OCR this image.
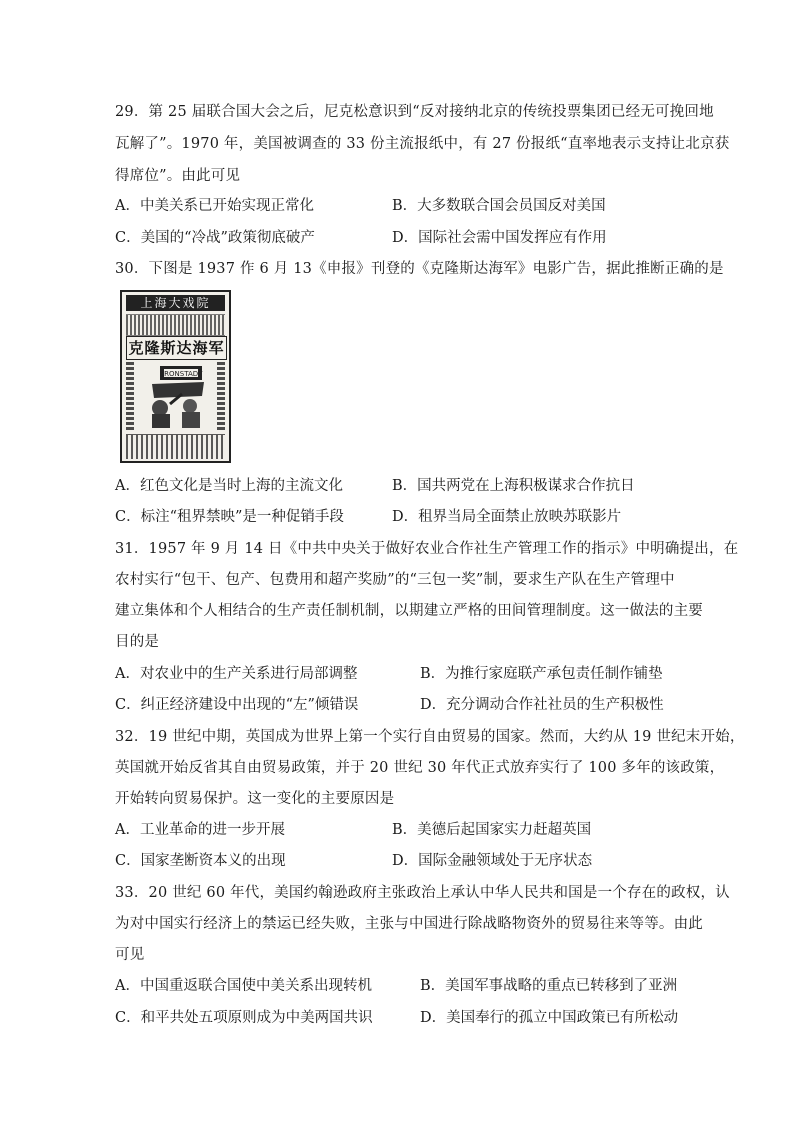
29．第 25 届联合国大会之后，尼克松意识到“反对接纳北京的传统投票集团已经无可挽回地
瓦解了”。1970 年，美国被调查的 33 份主流报纸中，有 27 份报纸“直率地表示支持让北京获
得席位”。由此可见
A．中美关系已开始实现正常化	B．大多数联合国会员国反对美国
C．美国的“冷战”政策彻底破产	D．国际社会需中国发挥应有作用
30．下图是 1937 作 6 月 13《申报》刊登的《克隆斯达海军》电影广告，据此推断正确的是
上海大戏院
克隆斯达海军
KRONSTADT
A．红色文化是当时上海的主流文化	B．国共两党在上海积极谋求合作抗日
C．标注“租界禁映”是一种促销手段	D．租界当局全面禁止放映苏联影片
31．1957 年 9 月 14 日《中共中央关于做好农业合作社生产管理工作的指示》中明确提出，在
农村实行“包干、包产、包费用和超产奖励”的“三包一奖”制，要求生产队在生产管理中
建立集体和个人相结合的生产责任制机制，以期建立严格的田间管理制度。这一做法的主要
目的是
A．对农业中的生产关系进行局部调整	B．为推行家庭联产承包责任制作铺垫
C．纠正经济建设中出现的“左”倾错误	D．充分调动合作社社员的生产积极性
32．19 世纪中期，英国成为世界上第一个实行自由贸易的国家。然而，大约从 19 世纪末开始，
英国就开始反省其自由贸易政策，并于 20 世纪 30 年代正式放弃实行了 100 多年的该政策，
开始转向贸易保护。这一变化的主要原因是
A．工业革命的进一步开展	B．美德后起国家实力赶超英国
C．国家垄断资本义的出现	D．国际金融领域处于无序状态
33．20 世纪 60 年代，美国约翰逊政府主张政治上承认中华人民共和国是一个存在的政权，认
为对中国实行经济上的禁运已经失败，主张与中国进行除战略物资外的贸易往来等等。由此
可见
A．中国重返联合国使中美关系出现转机	B．美国军事战略的重点已转移到了亚洲
C．和平共处五项原则成为中美两国共识	D．美国奉行的孤立中国政策已有所松动
